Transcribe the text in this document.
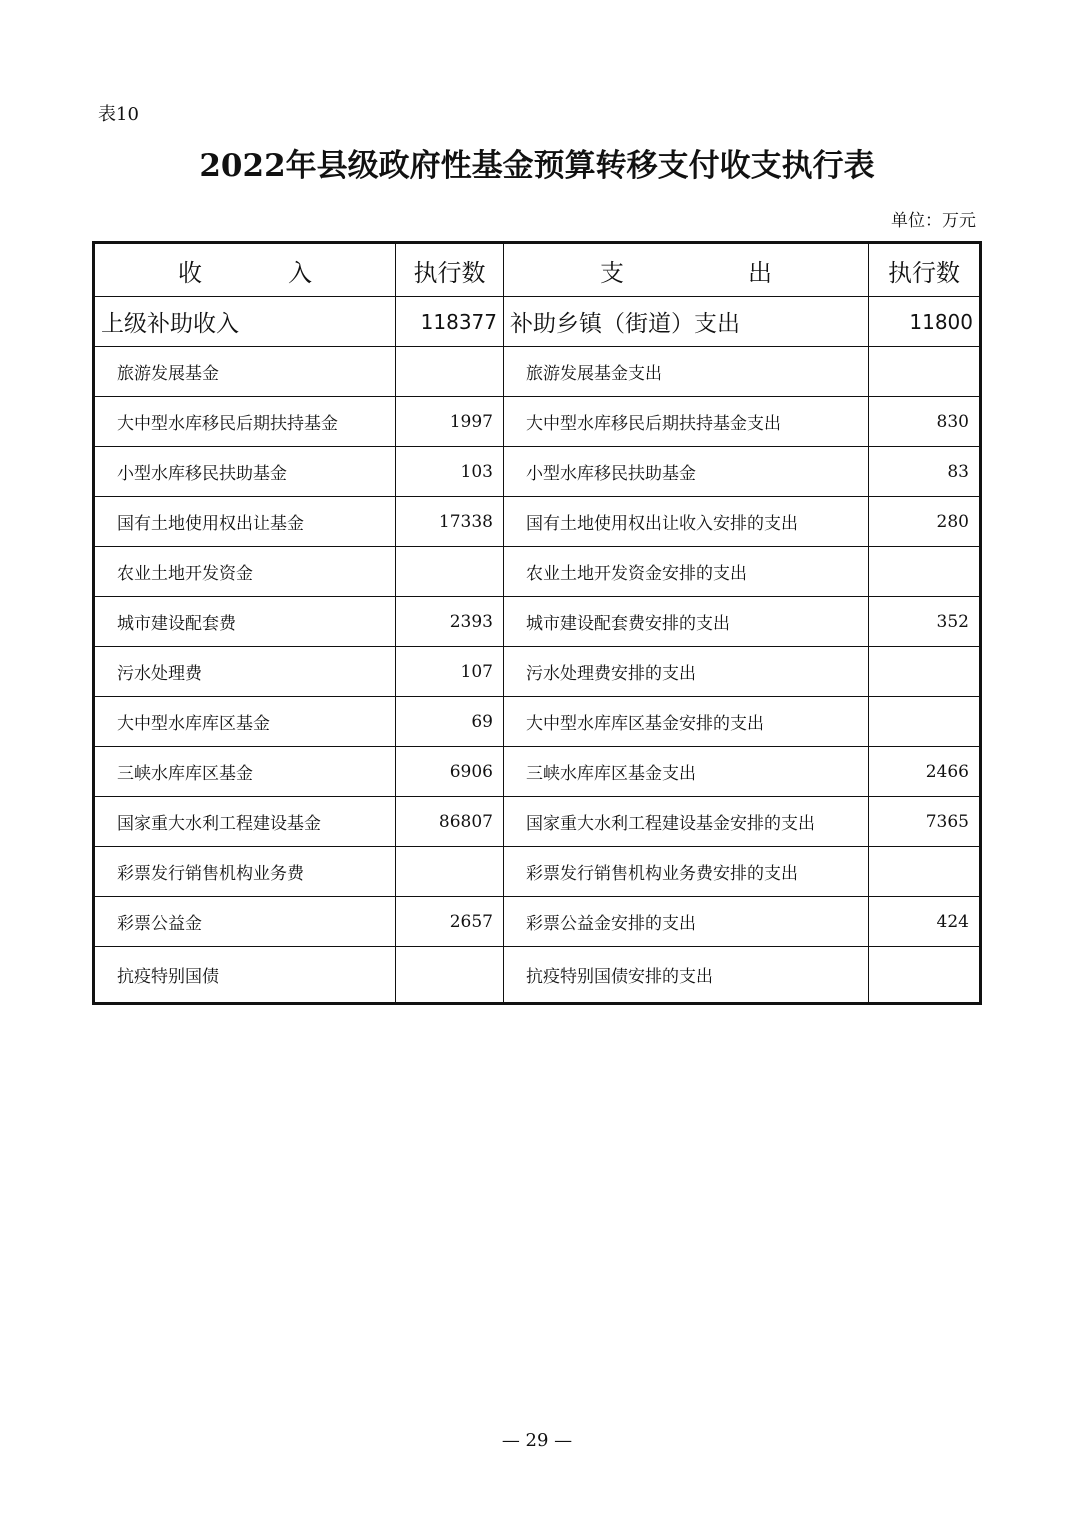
表10
2022年县级政府性基金预算转移支付收支执行表
单位：万元
收 入	执行数	支 出	执行数
上级补助收入	118377	补助乡镇（街道）支出	11800
旅游发展基金		旅游发展基金支出	
大中型水库移民后期扶持基金	1997	大中型水库移民后期扶持基金支出	830
小型水库移民扶助基金	103	小型水库移民扶助基金	83
国有土地使用权出让基金	17338	国有土地使用权出让收入安排的支出	280
农业土地开发资金		农业土地开发资金安排的支出	
城市建设配套费	2393	城市建设配套费安排的支出	352
污水处理费	107	污水处理费安排的支出	
大中型水库库区基金	69	大中型水库库区基金安排的支出	
三峡水库库区基金	6906	三峡水库库区基金支出	2466
国家重大水利工程建设基金	86807	国家重大水利工程建设基金安排的支出	7365
彩票发行销售机构业务费		彩票发行销售机构业务费安排的支出	
彩票公益金	2657	彩票公益金安排的支出	424
抗疫特别国债		抗疫特别国债安排的支出	
— 29 —
